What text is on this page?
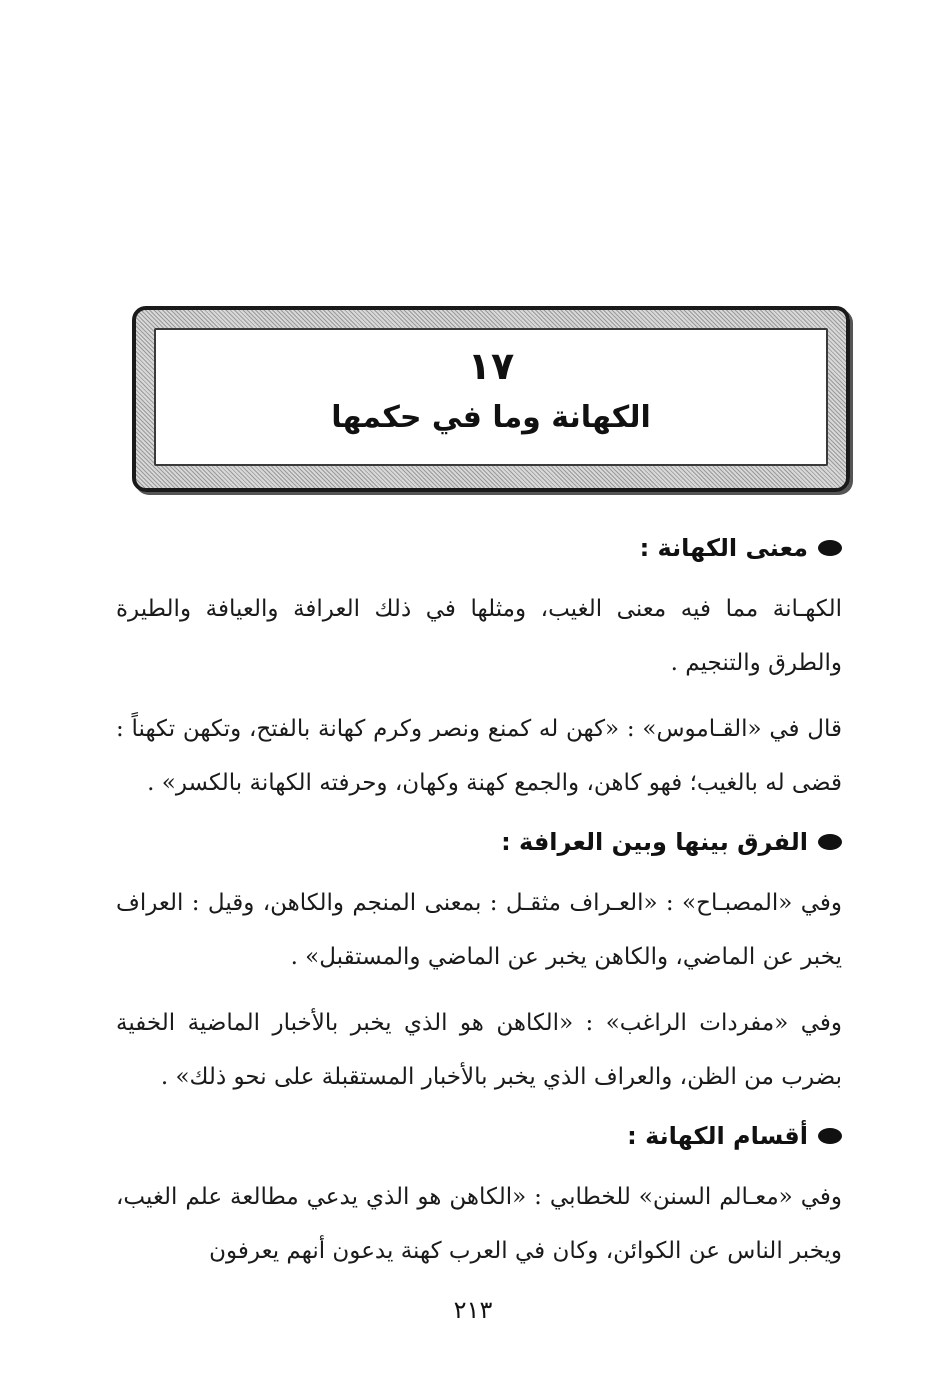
١٧
الكهانة وما في حكمها
معنى الكهانة :

الكهـانة مما فيه معنى الغيب، ومثلها في ذلك العرافة والعيافة والطيرة والطرق والتنجيم .

قال في «القـاموس» : «كهن له كمنع ونصر وكرم كهانة بالفتح، وتكهن تكهناً : قضى له بالغيب؛ فهو كاهن، والجمع كهنة وكهان، وحرفته الكهانة بالكسر» .

الفرق بينها وبين العرافة :

وفي «المصبـاح» : «العـراف مثقـل : بمعنى المنجم والكاهن، وقيل : العراف يخبر عن الماضي، والكاهن يخبر عن الماضي والمستقبل» .

وفي «مفردات الراغب» : «الكاهن هو الذي يخبر بالأخبار الماضية الخفية بضرب من الظن، والعراف الذي يخبر بالأخبار المستقبلة على نحو ذلك» .

أقسام الكهانة :

وفي «معـالم السنن» للخطابي : «الكاهن هو الذي يدعي مطالعة علم الغيب، ويخبر الناس عن الكوائن، وكان في العرب كهنة يدعون أنهم يعرفون

٢١٣
